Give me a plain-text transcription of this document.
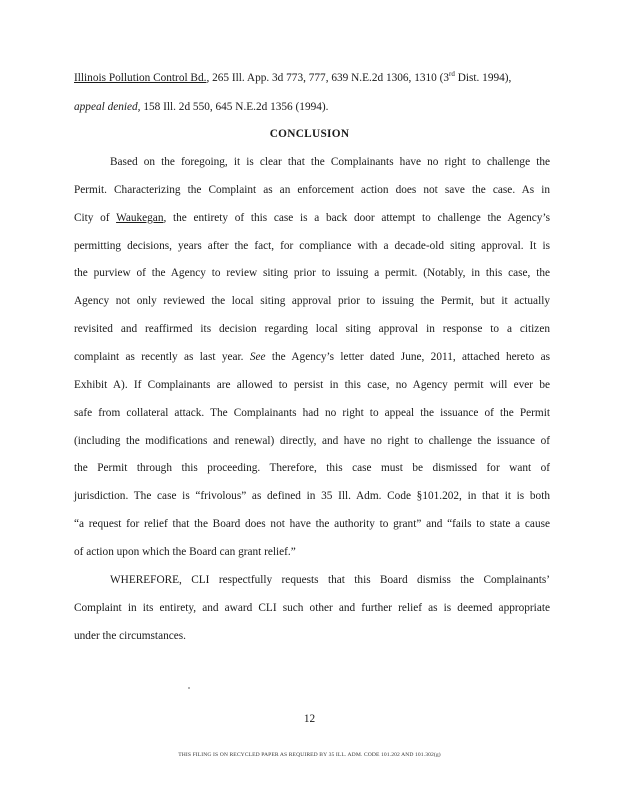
Illinois Pollution Control Bd., 265 Ill. App. 3d 773, 777, 639 N.E.2d 1306, 1310 (3rd Dist. 1994),
appeal denied, 158 Ill. 2d 550, 645 N.E.2d 1356 (1994).
CONCLUSION
Based on the foregoing, it is clear that the Complainants have no right to challenge the
Permit. Characterizing the Complaint as an enforcement action does not save the case. As in
City of Waukegan, the entirety of this case is a back door attempt to challenge the Agency’s
permitting decisions, years after the fact, for compliance with a decade-old siting approval. It is
the purview of the Agency to review siting prior to issuing a permit. (Notably, in this case, the
Agency not only reviewed the local siting approval prior to issuing the Permit, but it actually
revisited and reaffirmed its decision regarding local siting approval in response to a citizen
complaint as recently as last year. See the Agency’s letter dated June, 2011, attached hereto as
Exhibit A). If Complainants are allowed to persist in this case, no Agency permit will ever be
safe from collateral attack. The Complainants had no right to appeal the issuance of the Permit
(including the modifications and renewal) directly, and have no right to challenge the issuance of
the Permit through this proceeding. Therefore, this case must be dismissed for want of
jurisdiction. The case is “frivolous” as defined in 35 Ill. Adm. Code §101.202, in that it is both
“a request for relief that the Board does not have the authority to grant” and “fails to state a cause
of action upon which the Board can grant relief.”
WHEREFORE, CLI respectfully requests that this Board dismiss the Complainants’
Complaint in its entirety, and award CLI such other and further relief as is deemed appropriate
under the circumstances.
12
THIS FILING IS ON RECYCLED PAPER AS REQUIRED BY 35 ILL. ADM. CODE 101.202 AND 101.302(g)
